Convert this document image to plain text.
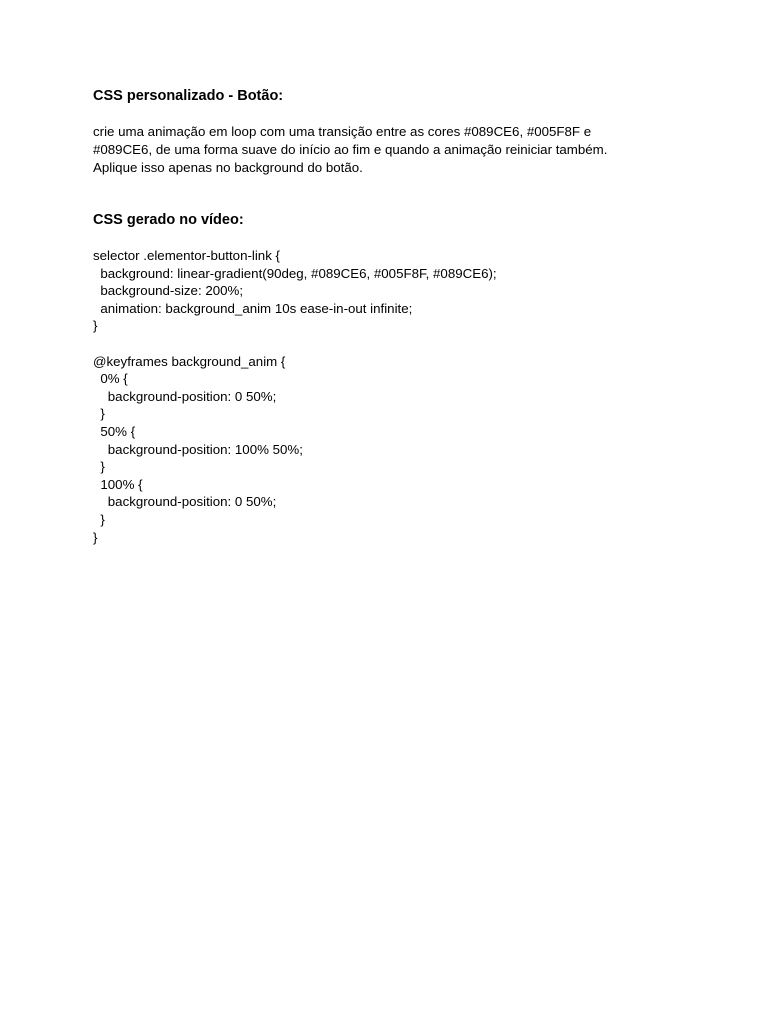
CSS personalizado - Botão:
crie uma animação em loop com uma transição entre as cores #089CE6, #005F8F e
#089CE6, de uma forma suave do início ao fim e quando a animação reiniciar também.
Aplique isso apenas no background do botão.
CSS gerado no vídeo:
selector .elementor-button-link {
background: linear-gradient(90deg, #089CE6, #005F8F, #089CE6);
background-size: 200%;
animation: background_anim 10s ease-in-out infinite;
}
@keyframes background_anim {
0% {
background-position: 0 50%;
}
50% {
background-position: 100% 50%;
}
100% {
background-position: 0 50%;
}
}
